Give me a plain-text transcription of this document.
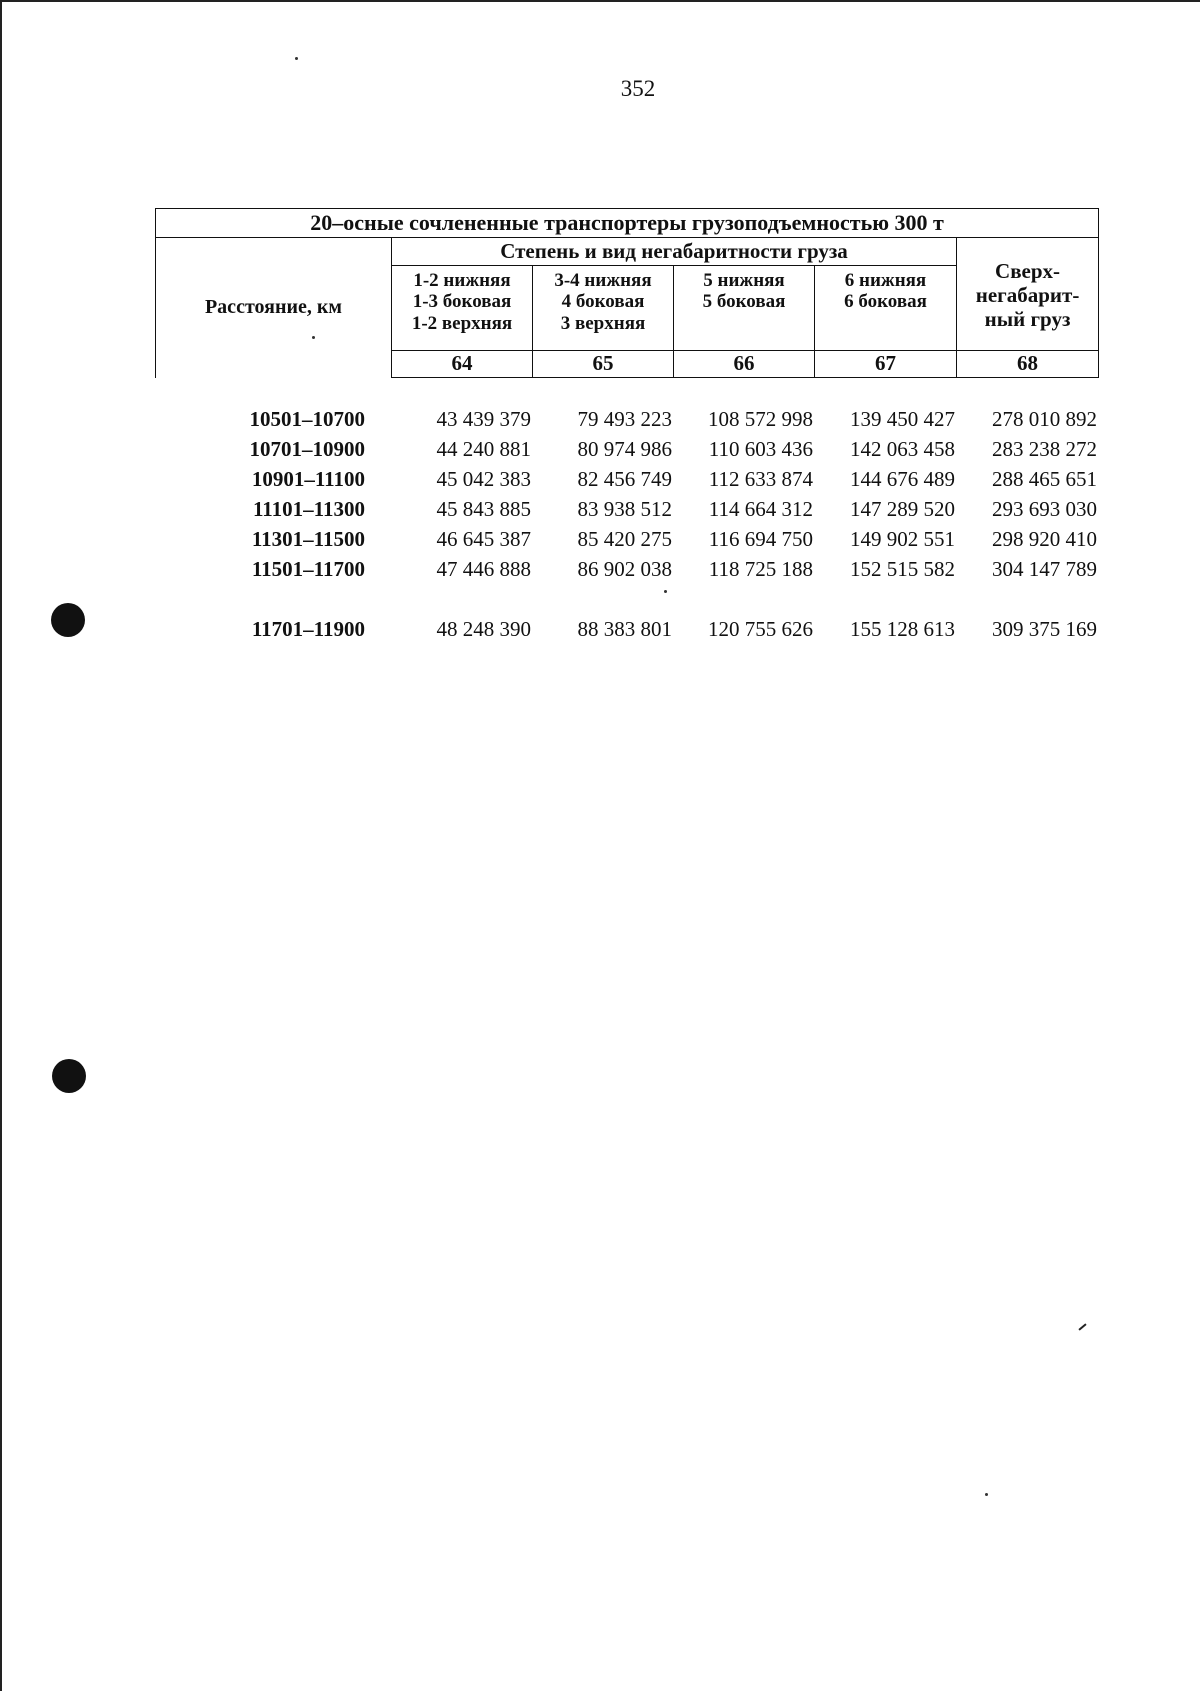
352
20–осные сочлененные транспортеры грузоподъемностью 300 т					
Расстояние, км	Степень и вид негабаритности груза				Сверх-
негабарит-
ный груз

	1-2 нижняя
1-3 боковая
1-2 верхняя	3-4 нижняя
4 боковая
3 верхняя	5 нижняя
5 боковая	6 нижняя
6 боковая	

	64	65	66	67	68
10501–10700	43 439 379	79 493 223	108 572 998	139 450 427	278 010 892
10701–10900	44 240 881	80 974 986	110 603 436	142 063 458	283 238 272
10901–11100	45 042 383	82 456 749	112 633 874	144 676 489	288 465 651
11101–11300	45 843 885	83 938 512	114 664 312	147 289 520	293 693 030
11301–11500	46 645 387	85 420 275	116 694 750	149 902 551	298 920 410
11501–11700	47 446 888	86 902 038	118 725 188	152 515 582	304 147 789

11701–11900	48 248 390	88 383 801	120 755 626	155 128 613	309 375 169
